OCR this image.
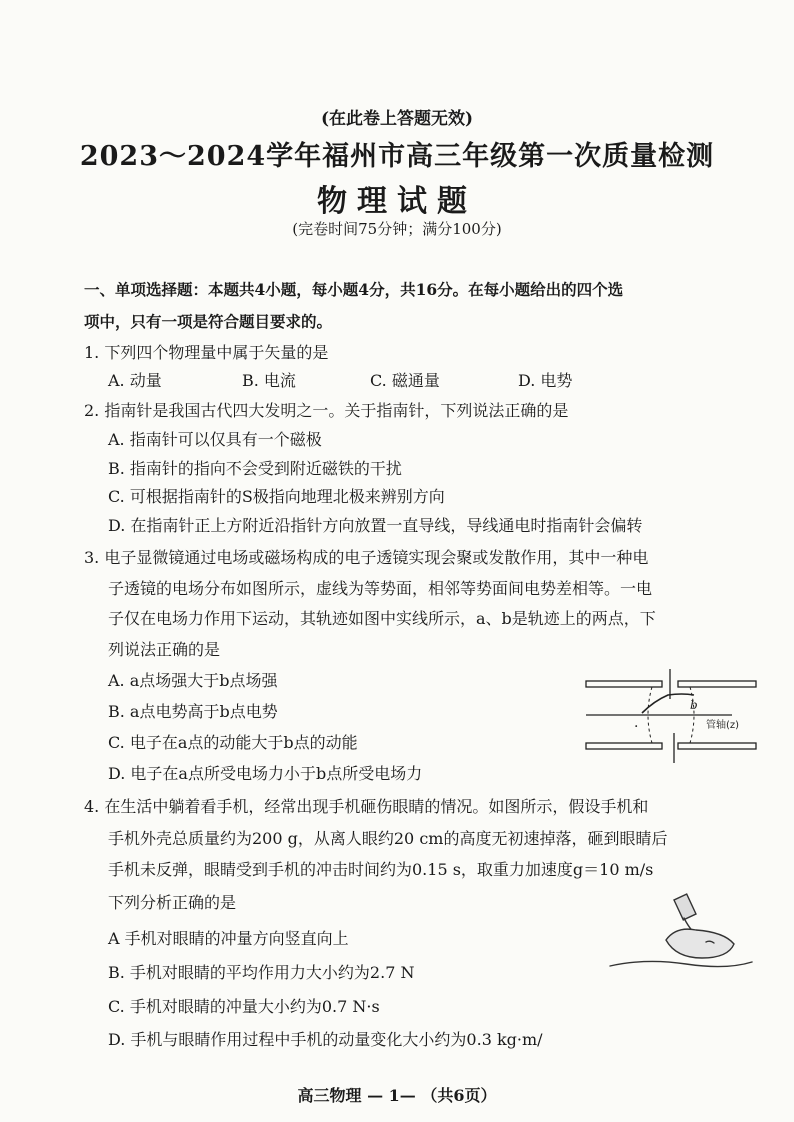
(在此卷上答题无效)
2023～2024学年福州市高三年级第一次质量检测
物理试题
(完卷时间75分钟；满分100分)
一、单项选择题：本题共4小题，每小题4分，共16分。在每小题给出的四个选
项中，只有一项是符合题目要求的。
1. 下列四个物理量中属于矢量的是
A. 动量	B. 电流	C. 磁通量	D. 电势
2. 指南针是我国古代四大发明之一。关于指南针，下列说法正确的是
A. 指南针可以仅具有一个磁极
B. 指南针的指向不会受到附近磁铁的干扰
C. 可根据指南针的S极指向地理北极来辨别方向
D. 在指南针正上方附近沿指针方向放置一直导线，导线通电时指南针会偏转
3. 电子显微镜通过电场或磁场构成的电子透镜实现会聚或发散作用，其中一种电
子透镜的电场分布如图所示，虚线为等势面，相邻等势面间电势差相等。一电
子仅在电场力作用下运动，其轨迹如图中实线所示，a、b是轨迹上的两点，下
列说法正确的是
A. a点场强大于b点场强
B. a点电势高于b点电势
C. 电子在a点的动能大于b点的动能
D. 电子在a点所受电场力小于b点所受电场力
b
·	管轴(z)
4. 在生活中躺着看手机，经常出现手机砸伤眼睛的情况。如图所示，假设手机和
手机外壳总质量约为200 g，从离人眼约20 cm的高度无初速掉落，砸到眼睛后
手机未反弹，眼睛受到手机的冲击时间约为0.15 s，取重力加速度g＝10 m/s
下列分析正确的是
A 手机对眼睛的冲量方向竖直向上
B. 手机对眼睛的平均作用力大小约为2.7 N
C. 手机对眼睛的冲量大小约为0.7 N·s
D. 手机与眼睛作用过程中手机的动量变化大小约为0.3 kg·m/
高三物理 — 1— （共6页）
